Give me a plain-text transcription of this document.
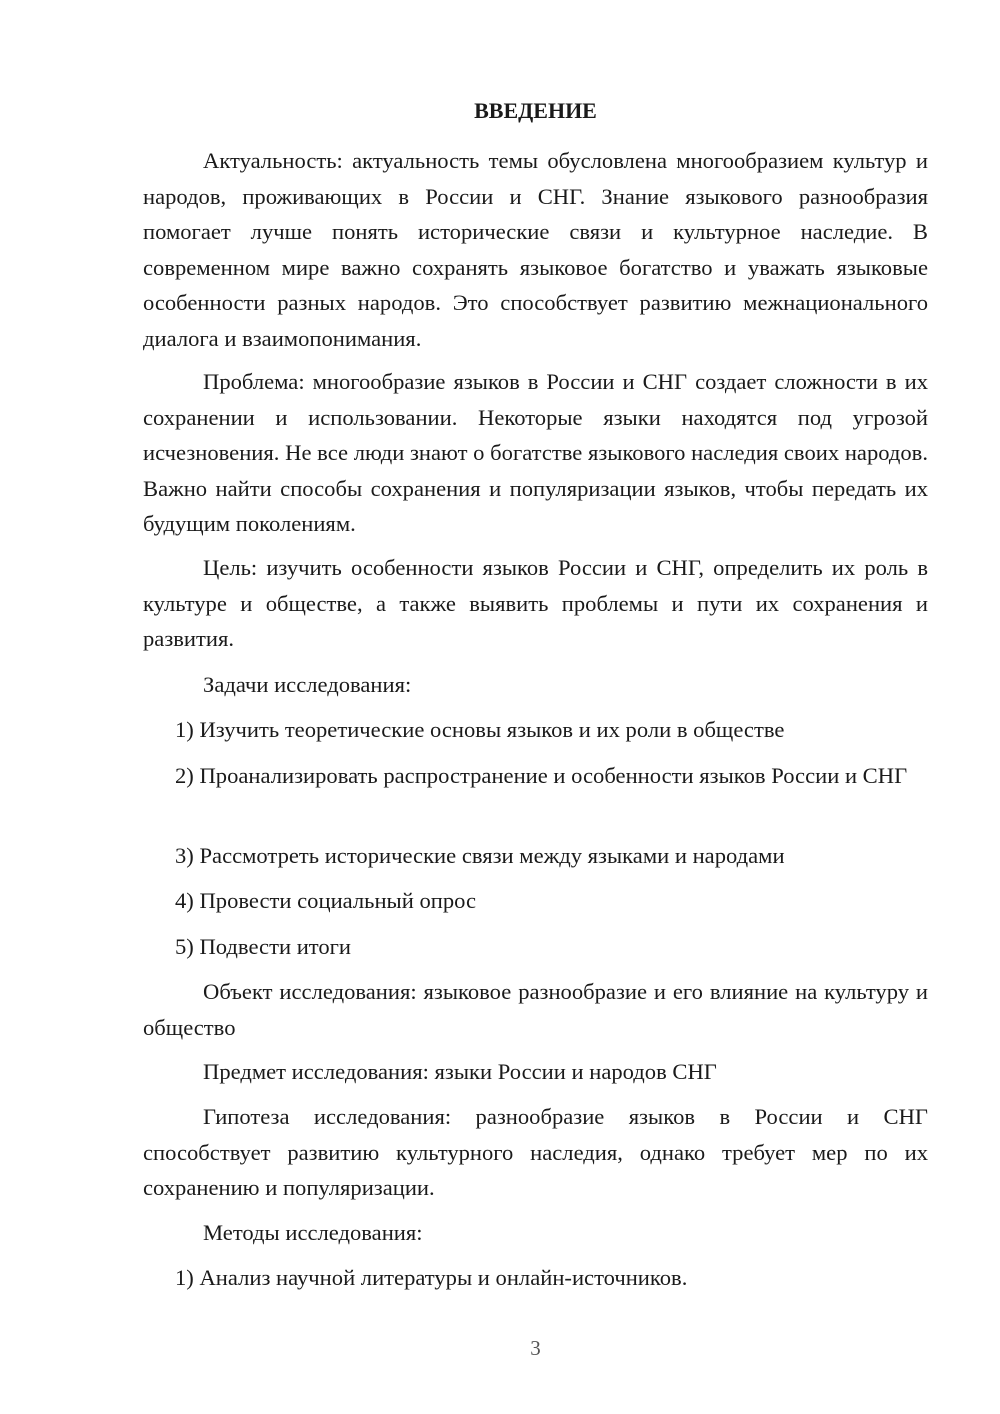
ВВЕДЕНИЕ

Актуальность: актуальность темы обусловлена многообразием культур и народов, проживающих в России и СНГ. Знание языкового разнообразия помогает лучше понять исторические связи и культурное наследие. В современном мире важно сохранять языковое богатство и уважать языковые особенности разных народов. Это способствует развитию межнационального диалога и взаимопонимания.

Проблема: многообразие языков в России и СНГ создает сложности в их сохранении и использовании. Некоторые языки находятся под угрозой исчезновения. Не все люди знают о богатстве языкового наследия своих народов. Важно найти способы сохранения и популяризации языков, чтобы передать их будущим поколениям.

Цель: изучить особенности языков России и СНГ, определить их роль в культуре и обществе, а также выявить проблемы и пути их сохранения и развития.

Задачи исследования:

1) Изучить теоретические основы языков и их роли в обществе

2) Проанализировать распространение и особенности языков России и СНГ

3) Рассмотреть исторические связи между языками и народами

4) Провести социальный опрос

5) Подвести итоги

Объект исследования: языковое разнообразие и его влияние на культуру и общество

Предмет исследования: языки России и народов СНГ

Гипотеза исследования: разнообразие языков в России и СНГ способствует развитию культурного наследия, однако требует мер по их сохранению и популяризации.

Методы исследования:

1) Анализ научной литературы и онлайн-источников.

3
